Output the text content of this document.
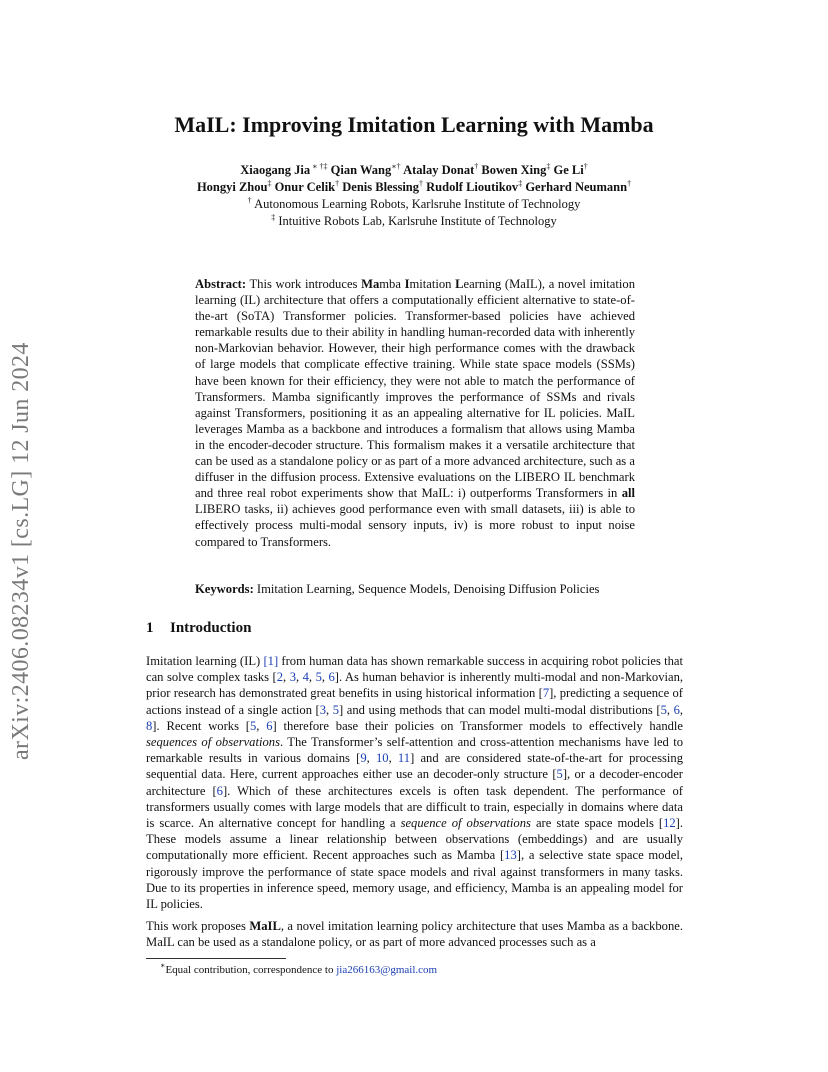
arXiv:2406.08234v1 [cs.LG] 12 Jun 2024
MaIL: Improving Imitation Learning with Mamba
Xiaogang Jia ∗ †‡ Qian Wang∗† Atalay Donat† Bowen Xing‡ Ge Li†
Hongyi Zhou‡ Onur Celik† Denis Blessing† Rudolf Lioutikov‡ Gerhard Neumann†
† Autonomous Learning Robots, Karlsruhe Institute of Technology
‡ Intuitive Robots Lab, Karlsruhe Institute of Technology
Abstract: This work introduces Mamba Imitation Learning (MaIL), a novel imitation learning (IL) architecture that offers a computationally efficient alternative to state-of-the-art (SoTA) Transformer policies. Transformer-based policies have achieved remarkable results due to their ability in handling human-recorded data with inherently non-Markovian behavior. However, their high performance comes with the drawback of large models that complicate effective training. While state space models (SSMs) have been known for their efficiency, they were not able to match the performance of Transformers. Mamba significantly improves the performance of SSMs and rivals against Transformers, positioning it as an appealing alternative for IL policies. MaIL leverages Mamba as a backbone and introduces a formalism that allows using Mamba in the encoder-decoder structure. This formalism makes it a versatile architecture that can be used as a standalone policy or as part of a more advanced architecture, such as a diffuser in the diffusion process. Extensive evaluations on the LIBERO IL benchmark and three real robot experiments show that MaIL: i) outperforms Transformers in all LIBERO tasks, ii) achieves good performance even with small datasets, iii) is able to effectively process multi-modal sensory inputs, iv) is more robust to input noise compared to Transformers.
Keywords: Imitation Learning, Sequence Models, Denoising Diffusion Policies
1 Introduction

Imitation learning (IL) [1] from human data has shown remarkable success in acquiring robot policies that can solve complex tasks [2, 3, 4, 5, 6]. As human behavior is inherently multi-modal and non-Markovian, prior research has demonstrated great benefits in using historical information [7], predicting a sequence of actions instead of a single action [3, 5] and using methods that can model multi-modal distributions [5, 6, 8]. Recent works [5, 6] therefore base their policies on Transformer models to effectively handle sequences of observations. The Transformer’s self-attention and cross-attention mechanisms have led to remarkable results in various domains [9, 10, 11] and are considered state-of-the-art for processing sequential data. Here, current approaches either use an decoder-only structure [5], or a decoder-encoder architecture [6]. Which of these architectures excels is often task dependent. The performance of transformers usually comes with large models that are difficult to train, especially in domains where data is scarce. An alternative concept for handling a sequence of observations are state space models [12]. These models assume a linear relationship between observations (embeddings) and are usually computationally more efficient. Recent approaches such as Mamba [13], a selective state space model, rigorously improve the performance of state space models and rival against transformers in many tasks. Due to its properties in inference speed, memory usage, and efficiency, Mamba is an appealing model for IL policies.

This work proposes MaIL, a novel imitation learning policy architecture that uses Mamba as a backbone. MaIL can be used as a standalone policy, or as part of more advanced processes such as a

∗Equal contribution, correspondence to jia266163@gmail.com
